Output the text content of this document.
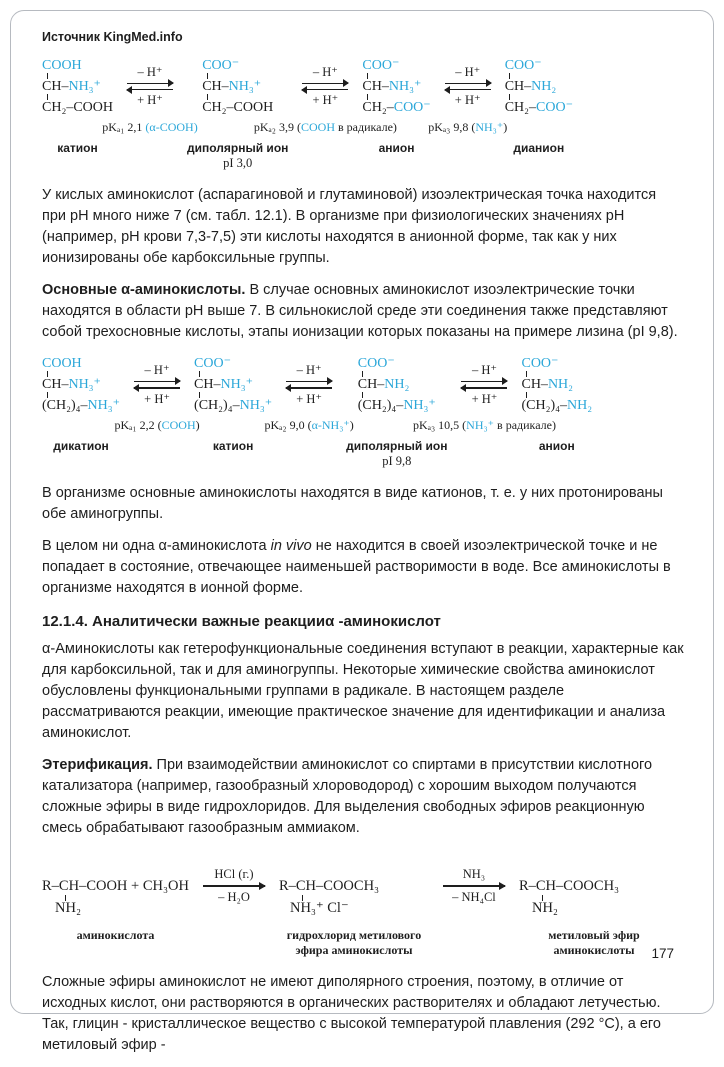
Источник KingMed.info
COOH
CH–NH₃⁺
CH₂–COOH
– H⁺
+ H⁺
COO⁻
CH–NH₃⁺
CH₂–COOH
– H⁺
+ H⁺
COO⁻
CH–NH₃⁺
CH₂–COO⁻
– H⁺
+ H⁺
COO⁻
CH–NH₂
CH₂–COO⁻
pKₐ₁ 2,1 (α-COOH)	pKₐ₂ 3,9 (COOH в радикале)	pKₐ₃ 9,8 (NH₃⁺)
катион	диполярный ион	анион	дианион
pI 3,0

У кислых аминокислот (аспарагиновой и глутаминовой) изоэлектрическая точка находится при pH много ниже 7 (см. табл. 12.1). В организме при физиологических значениях pH (например, pH крови 7,3-7,5) эти кислоты находятся в анионной форме, так как у них ионизированы обе карбоксильные группы.

Основные α-аминокислоты. В случае основных аминокислот изоэлектрические точки находятся в области pH выше 7. В сильнокислой среде эти соединения также представляют собой трехосновные кислоты, этапы ионизации которых показаны на примере лизина (pI 9,8).

COOH
CH–NH₃⁺
(CH₂)₄–NH₃⁺
– H⁺
+ H⁺
COO⁻
CH–NH₃⁺
(CH₂)₄–NH₃⁺
– H⁺
+ H⁺
COO⁻
CH–NH₂
(CH₂)₄–NH₃⁺
– H⁺
+ H⁺
COO⁻
CH–NH₂
(CH₂)₄–NH₂
pKₐ₁ 2,2 (COOH)	pKₐ₂ 9,0 (α-NH₃⁺)	pKₐ₃ 10,5 (NH₃⁺ в радикале)
дикатион	катион	диполярный ион	анион
pI 9,8

В организме основные аминокислоты находятся в виде катионов, т. е. у них протонированы обе аминогруппы.

В целом ни одна α-аминокислота in vivo не находится в своей изоэлектрической точке и не попадает в состояние, отвечающее наименьшей растворимости в воде. Все аминокислоты в организме находятся в ионной форме.

12.1.4. Аналитически важные реакцииα -аминокислот

α-Аминокислоты как гетерофункциональные соединения вступают в реакции, характерные как для карбоксильной, так и для аминогруппы. Некоторые химические свойства аминокислот обусловлены функциональными группами в радикале. В настоящем разделе рассматриваются реакции, имеющие практическое значение для идентификации и анализа аминокислот.

Этерификация. При взаимодействии аминокислот со спиртами в присутствии кислотного катализатора (например, газообразный хлороводород) с хорошим выходом получаются сложные эфиры в виде гидрохлоридов. Для выделения свободных эфиров реакционную смесь обрабатывают газообразным аммиаком.

R–CH–COOH + CH₃OH
NH₂
аминокислота
HCl (г.)
– H₂O
R–CH–COOCH₃
NH₃⁺ Cl⁻
гидрохлорид метилового эфира аминокислоты
NH₃
– NH₄Cl
R–CH–COOCH₃
NH₂
метиловый эфир аминокислоты

Сложные эфиры аминокислот не имеют диполярного строения, поэтому, в отличие от исходных кислот, они растворяются в органических растворителях и обладают летучестью. Так, глицин - кристаллическое вещество с высокой температурой плавления (292 °C), а его метиловый эфир -

177
